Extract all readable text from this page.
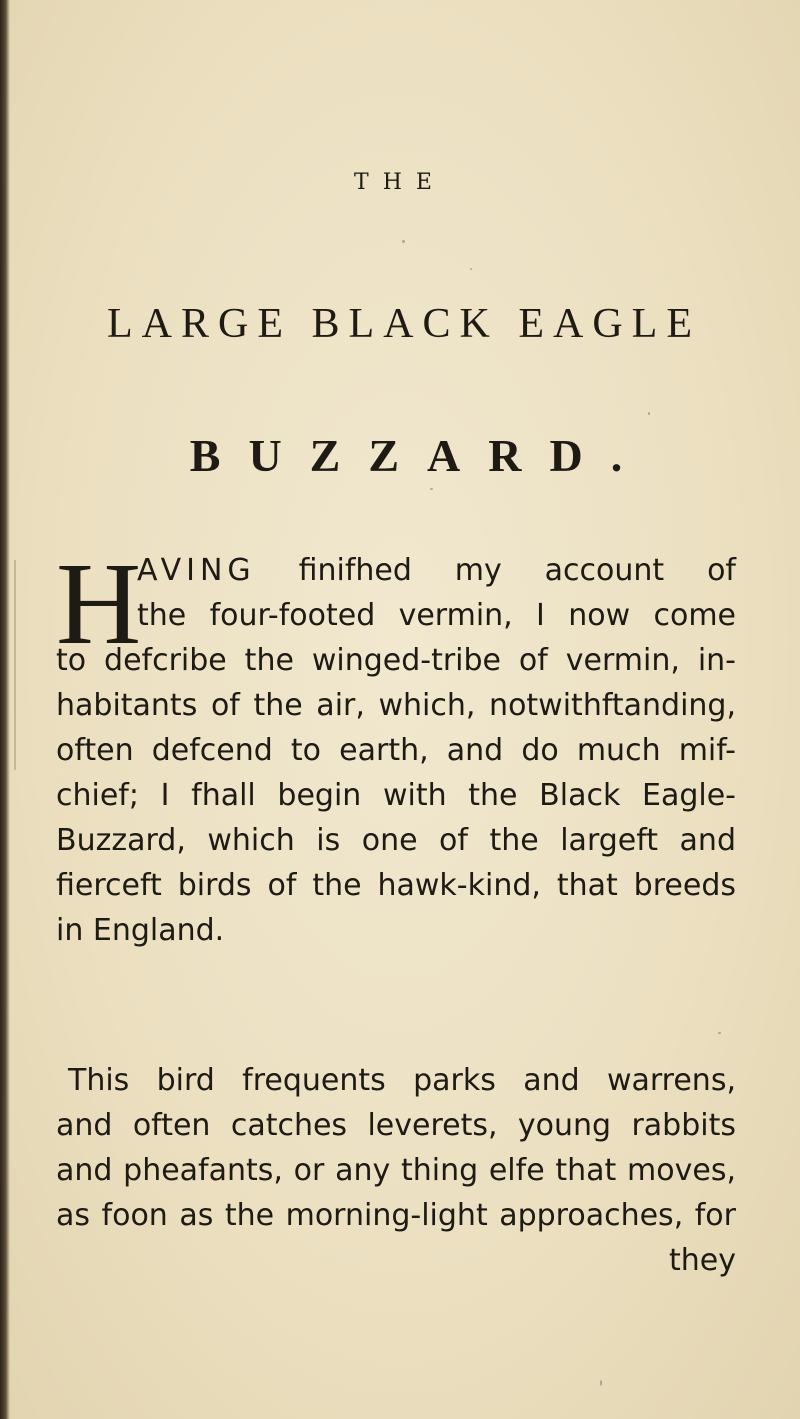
THE
LARGE BLACK EAGLE
BUZZARD.
H
AVING finifhed my account of
the four-footed vermin, I now come
to defcribe the winged-tribe of vermin, in-
habitants of the air, which, notwithftanding,
often defcend to earth, and do much mif-
chief; I fhall begin with the Black Eagle-
Buzzard, which is one of the largeft and
fierceft birds of the hawk-kind, that breeds
in England.
This bird frequents parks and warrens,
and often catches leverets, young rabbits
and pheafants, or any thing elfe that moves,
as foon as the morning-light approaches, for
they
